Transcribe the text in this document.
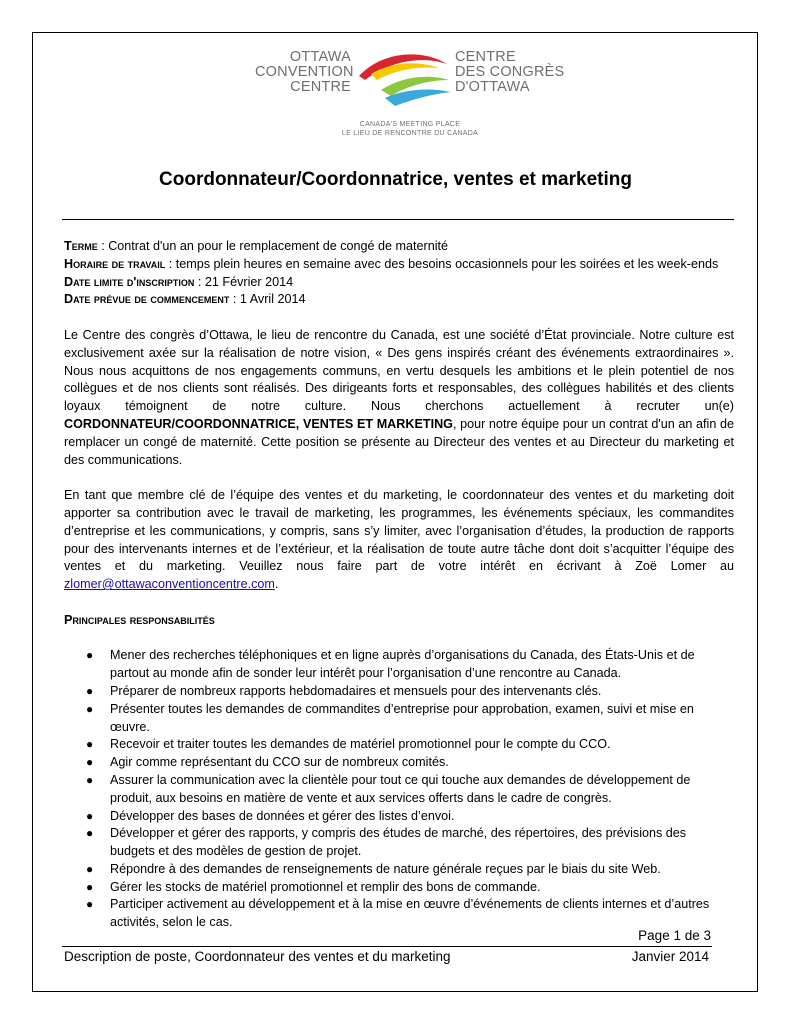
OTTAWA
CONVENTION
CENTRE
CENTRE
DES CONGRÈS
D'OTTAWA
CANADA'S MEETING PLACE
LE LIEU DE RENCONTRE DU CANADA
Coordonnateur/Coordonnatrice, ventes et marketing

Terme : Contrat d'un an pour le remplacement de congé de maternité

Horaire de travail : temps plein heures en semaine avec des besoins occasionnels pour les soirées et les week-ends

Date limite d'inscription : 21 Février 2014

Date prévue de commencement : 1 Avril 2014

Le Centre des congrès d’Ottawa, le lieu de rencontre du Canada, est une société d’État provinciale. Notre culture est exclusivement axée sur la réalisation de notre vision, « Des gens inspirés créant des événements extraordinaires ». Nous nous acquittons de nos engagements communs, en vertu desquels les ambitions et le plein potentiel de nos collègues et de nos clients sont réalisés. Des dirigeants forts et responsables, des collègues habilités et des clients loyaux témoignent de notre culture. Nous cherchons actuellement à recruter un(e) CORDONNATEUR/COORDONNATRICE, VENTES ET MARKETING, pour notre équipe pour un contrat d'un an afin de remplacer un congé de maternité. Cette position se présente au Directeur des ventes et au Directeur du marketing et des communications.

En tant que membre clé de l’équipe des ventes et du marketing, le coordonnateur des ventes et du marketing doit apporter sa contribution avec le travail de marketing, les programmes, les événements spéciaux, les commandites d’entreprise et les communications, y compris, sans s’y limiter, avec l’organisation d’études, la production de rapports pour des intervenants internes et de l’extérieur, et la réalisation de toute autre tâche dont doit s’acquitter l’équipe des ventes et du marketing. Veuillez nous faire part de votre intérêt en écrivant à Zoë Lomer au zlomer@ottawaconventioncentre.com.

Principales responsabilités

● Mener des recherches téléphoniques et en ligne auprès d’organisations du Canada, des États-Unis et de partout au monde afin de sonder leur intérêt pour l’organisation d’une rencontre au Canada.
● Préparer de nombreux rapports hebdomadaires et mensuels pour des intervenants clés.
● Présenter toutes les demandes de commandites d’entreprise pour approbation, examen, suivi et mise en œuvre.
● Recevoir et traiter toutes les demandes de matériel promotionnel pour le compte du CCO.
● Agir comme représentant du CCO sur de nombreux comités.
● Assurer la communication avec la clientèle pour tout ce qui touche aux demandes de développement de produit, aux besoins en matière de vente et aux services offerts dans le cadre de congrès.
● Développer des bases de données et gérer des listes d’envoi.
● Développer et gérer des rapports, y compris des études de marché, des répertoires, des prévisions des budgets et des modèles de gestion de projet.
● Répondre à des demandes de renseignements de nature générale reçues par le biais du site Web.
● Gérer les stocks de matériel promotionnel et remplir des bons de commande.
● Participer activement au développement et à la mise en œuvre d’événements de clients internes et d’autres activités, selon le cas.
Page 1 de 3
Description de poste, Coordonnateur des ventes et du marketing	Janvier 2014
